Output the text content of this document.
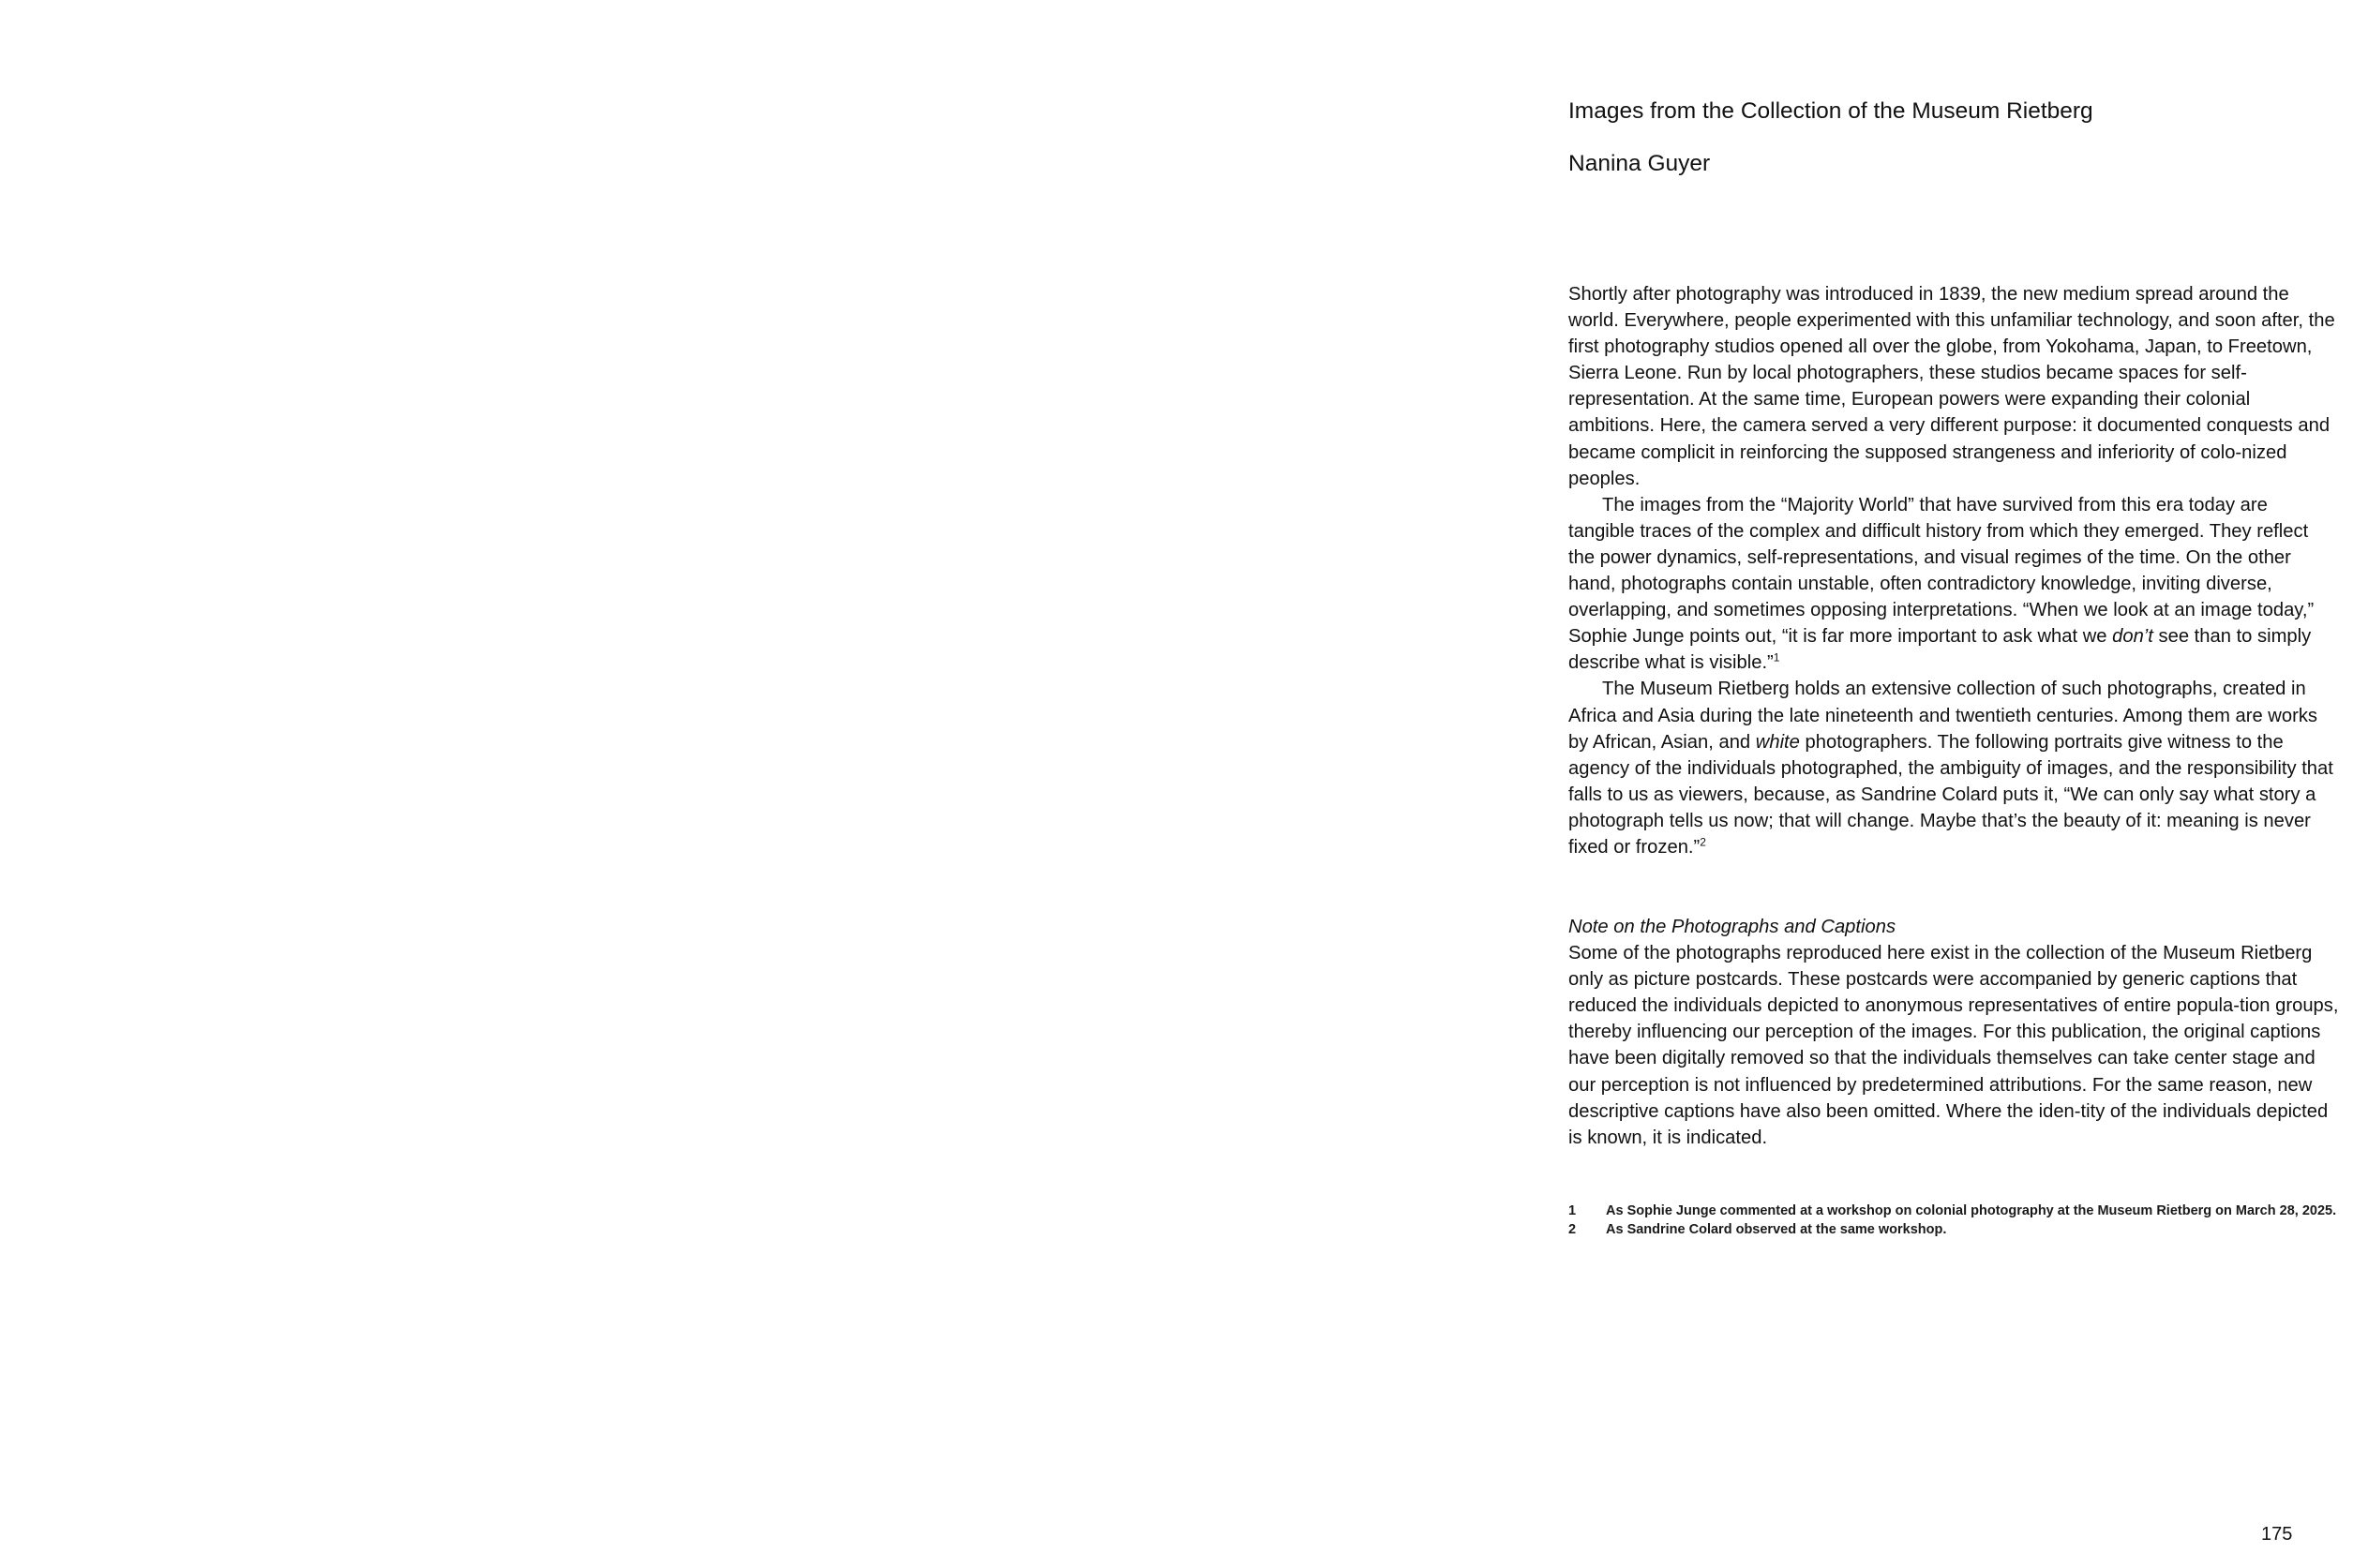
Images from the Collection of the Museum Rietberg
Nanina Guyer

Shortly after photography was introduced in 1839, the new medium spread around the world. Everywhere, people experimented with this unfamiliar technology, and soon after, the first photography studios opened all over the globe, from Yokohama, Japan, to Freetown, Sierra Leone. Run by local photographers, these studios became spaces for self-representation. At the same time, European powers were expanding their colonial ambitions. Here, the camera served a very different purpose: it documented conquests and became complicit in reinforcing the supposed strangeness and inferiority of colo-nized peoples.

The images from the “Majority World” that have survived from this era today are tangible traces of the complex and difficult history from which they emerged. They reflect the power dynamics, self-representations, and visual regimes of the time. On the other hand, photographs contain unstable, often contradictory knowledge, inviting diverse, overlapping, and sometimes opposing interpretations. “When we look at an image today,” Sophie Junge points out, “it is far more important to ask what we don’t see than to simply describe what is visible.”$^1$

The Museum Rietberg holds an extensive collection of such photographs, created in Africa and Asia during the late nineteenth and twentieth centuries. Among them are works by African, Asian, and white photographers. The following portraits give witness to the agency of the individuals photographed, the ambiguity of images, and the responsibility that falls to us as viewers, because, as Sandrine Colard puts it, “We can only say what story a photograph tells us now; that will change. Maybe that’s the beauty of it: meaning is never fixed or frozen.”$^2$

Note on the Photographs and Captions

Some of the photographs reproduced here exist in the collection of the Museum Rietberg only as picture postcards. These postcards were accompanied by generic captions that reduced the individuals depicted to anonymous representatives of entire popula-tion groups, thereby influencing our perception of the images. For this publication, the original captions have been digitally removed so that the individuals themselves can take center stage and our perception is not influenced by predetermined attributions. For the same reason, new descriptive captions have also been omitted. Where the iden-tity of the individuals depicted is known, it is indicated.

1	As Sophie Junge commented at a workshop on colonial photography at the Museum Rietberg on March 28, 2025.
2	As Sandrine Colard observed at the same workshop.
175
